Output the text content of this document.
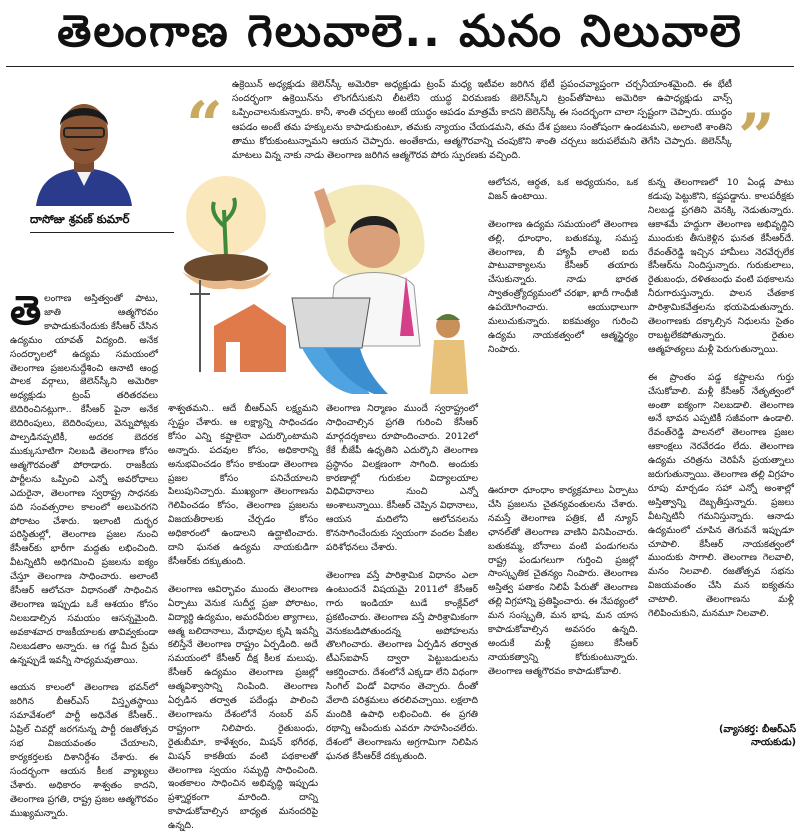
తెలంగాణ గెలువాలె.. మనం నిలువాలె
దాసోజు శ్రవణ్‌ కుమార్‌
“	”
ఉక్రెయిన్‌ అధ్యక్షుడు జెలెన్‌స్కీ అమెరికా అధ్యక్షుడు ట్రంప్‌ మధ్య ఇటీవల జరిగిన భేటీ ప్రపంచవ్యాప్తంగా చర్చనీయాంశమైంది. ఈ భేటీ సందర్భంగా ఉక్రెయిన్‌ను లొంగదీసుకుని లీటలేని యుద్ధ విరమణకు జెలెన్‌స్కీని ట్రంప్‌తోపాటు అమెరికా ఉపాధ్యక్షుడు వాన్స్‌ ఒప్పించాలనుకున్నారు. కానీ, శాంతి చర్చలు అంటే యుద్ధం ఆపడం మాత్రమే కాదని జెలెన్‌స్కీ ఈ సందర్భంగా చాలా స్పష్టంగా చెప్పారు. యుద్ధం ఆపడం అంటే తమ హక్కులను కాపాడుకుంటూ, తమకు న్యాయం చేయడమని, తమ దేశ ప్రజలు సంతోషంగా ఉండటమని, అలాంటి శాంతిని తాము కోరుకుంటున్నామని ఆయన చెప్పారు. అంతేకాదు, ఆత్మగౌరవాన్ని చంపుకొని శాంతి చర్చలు జరుపలేమని తెగేసి చెప్పారు. జెలెన్‌స్కీ మాటలు విన్న నాకు నాడు తెలంగాణ జరిగిన ఆత్మగౌరవ పోరు స్ఫురణకు వచ్చింది.
తెలంగాణ అస్తిత్వంతో పాటు, జాతి ఆత్మగౌరవం కాపాడుకునేందుకు కేసీఆర్‌ చేసిన ఉద్యమం యావత్‌ విద్యంది. అనేక సందర్భాలలో ఉద్యమ సమయంలో తెలంగాణ ప్రజలనుద్దేశించి ఆనాటి ఆంధ్ర పాలక వర్గాలు, జెలెన్‌స్కీని అమెరికా అధ్యక్షుడు ట్రంప్‌ తరితరవలు బెదిరించినట్లుగా.. కేసీఆర్‌ పైనా అనేక బెదిరింపులు, బెదిరింపులు, వెన్నుపోట్లకు పాల్పడినప్పటికీ, అదరక బెదరక ముక్కుసూటిగా నిలబడి తెలంగాణ కోసం ఆత్మగౌరవంతో పోరాడారు. రాజకీయ పార్టీలను ఒప్పించి ఎన్నో అవరోధాలు ఎదురైనా, తెలంగాణ స్వరాష్ట్ర సాధనకు పది సంవత్సరాల కాలంలో అలుపెరగని పోరాటం చేశారు. ఇలాంటి దుర్భర పరిస్థితుల్లో, తెలంగాణ ప్రజల నుంచి కేసీఆర్‌కు భారీగా మద్దతు లభించింది. వీటన్నిటినీ అధిగమించి ప్రజలను ఐక్యం చేస్తూ తెలంగాణ సాధించారు. అలాంటి కేసీఆర్‌ ఆలోచనా విధానంతో సాధించిన తెలంగాణ ఇప్పుడు ఒకే ఆశయం కోసం నిలబడాల్సిన సమయం ఆసన్నమైంది. అవకాశవాద రాజకీయాలకు తావివ్వకుండా నిలబడతాం అన్నారు. ఆ గడ్డ మీద ప్రేమ ఉన్నప్పుడే ఇవన్నీ సాధ్యమవుతాయి.

ఆయన కాలంలో తెలంగాణ భవన్‌లో జరిగిన బీఆర్‌ఎస్‌ విస్తృతస్థాయి సమావేశంలో పార్టీ అధినేత కేసీఆర్‌.. ఏప్రిల్‌ చివర్లో జరగనున్న పార్టీ రజతోత్సవ సభ విజయవంతం చేయాలని, కార్యకర్తలకు దిశానిర్దేశం చేశారు. ఈ సందర్భంగా ఆయన కీలక వ్యాఖ్యలు చేశారు. అధికారం శాశ్వతం కాదని, తెలంగాణ ప్రగతి, రాష్ట్ర ప్రజల ఆత్మగౌరవం ముఖ్యమన్నారు.
శాశ్వతమని.. ఆదే బీఆర్‌ఎస్‌ లక్ష్యమని స్పష్టం చేశారు. ఆ లక్ష్యాన్ని సాధించడం కోసం ఎన్ని కష్టాలైనా ఎదుర్కొంటామని అన్నారు. పదవుల కోసం, అధికారాన్ని అనుభవించడం కోసం కాకుండా తెలంగాణ ప్రజల కోసం పనిచేయాలని పిలుపునిచ్చారు. ముఖ్యంగా తెలంగాణను గెలిపించడం కోసం, తెలంగాణ ప్రజలను విజయతీరాలకు చేర్చడం కోసం అధికారంలో ఉండాలని ఉద్ఘాటించారు. దాని ఘనత ఉద్యమ నాయకుడిగా కేసీఆర్‌కు దక్కుతుంది.

తెలంగాణ ఆవిర్భావం ముందు తెలంగాణ ఏర్పాటు వెనుక సుదీర్ఘ ప్రజా పోరాటం, విద్యార్థి ఉద్యమం, అమరవీరుల త్యాగాలు, ఆత్మ బలిదానాలు, మేధావుల కృషి ఇవన్నీ కలిస్తేనే తెలంగాణ రాష్ట్రం ఏర్పడింది. అదే సమయంలో కేసీఆర్‌ దీక్ష కీలక మలుపు. కేసీఆర్‌ ఉద్యమం తెలంగాణ ప్రజల్లో ఆత్మవిశ్వాసాన్ని నింపింది. తెలంగాణ ఏర్పడిన తర్వాత పదేండ్లు పాలించి తెలంగాణను దేశంలోనే నంబర్‌ వన్‌ రాష్ట్రంగా నిలిపారు. రైతుబంధు, రైతుబీమా, కాళేశ్వరం, మిషన్‌ భగీరథ, మిషన్‌ కాకతీయ వంటి పథకాలతో తెలంగాణ స్వయం సమృద్ధి సాధించింది. ఇంతకాలం సాధించిన అభివృద్ధి ఇప్పుడు ప్రశ్నార్థకంగా మారింది. దాన్ని కాపాడుకోవాల్సిన బాధ్యత మనందరిపై ఉన్నది.
తెలంగాణ నిర్మాణం ముందే స్వరాష్ట్రంలో సాధించాల్సిన ప్రగతి గురించి కేసీఆర్‌ మార్గదర్శకాలు రూపొందించారు. 2012లో కేకే బీజేపీ ఉధృతిని ఎదుర్కొని తెలంగాణ ప్రస్థానం విలక్షణంగా సాగింది. అందుకు కారణాల్లో గురుకుల విద్యాలయాల విధివిధానాలు నుంచి ఎన్నో అంశాలున్నాయి. కేసీఆర్‌ చెప్పిన విధానాలు, ఆయన మదిలోని ఆలోచనలను కొనసాగించేందుకు స్వయంగా వందల పేజీల పరిశోధనలు చేశారు.

తెలంగాణ వస్తే పారిశ్రామిక విధానం ఎలా ఉంటుందనే విషయమై 2011లో కేసీఆర్‌ గారు ఇండియా టుడే కాంక్లేవ్‌లో ప్రకటించారు. తెలంగాణ వస్తే పారిశ్రామికంగా వెనుకబడిపోతుందన్న అపోహలను తొలగించారు. తెలంగాణ ఏర్పడిన తర్వాత టీఎస్‌ఐపాస్‌ ద్వారా పెట్టుబడులను ఆకర్షించారు. దేశంలోనే ఎక్కడా లేని విధంగా సింగిల్‌ విండో విధానం తెచ్చారు. దీంతో వేలాది పరిశ్రమలు తరలివచ్చాయి. లక్షలాది మందికి ఉపాధి లభించింది. ఈ ప్రగతి రథాన్ని ఆపేందుకు ఎవరూ సాహసించలేరు. దేశంలో తెలంగాణను అగ్రగామిగా నిలిపిన ఘనత కేసీఆర్‌కే దక్కుతుంది.
ఆలోచన, ఆర్ధత, ఒక అధ్యయనం, ఒక విజన్‌ ఉంటాయి.

తెలంగాణ ఉద్యమ సమయంలో తెలంగాణ తల్లి, ధూంధాం, బతుకమ్మ, సమస్త తెలంగాణ, బీ హ్యాపీ లాంటి ఐదు పాటువాక్యాలను కేసీఆర్‌ తయారు చేసుకున్నారు. నాడు భారత స్వాతంత్ర్యోద్యమంలో చరఖా, ఖాదీ గాంధీజీ ఉపయోగించారు. ఆయుధాలుగా మలుచుకున్నారు. ఐకమత్యం గురించి ఉద్యమ నాయకత్వంలో ఆత్మస్థైర్యం నింపారు.
ఊరూరా ధూంధాం కార్యక్రమాలు ఏర్పాటు చేసి ప్రజలను చైతన్యవంతులను చేశారు. నమస్తే తెలంగాణ పత్రిక, టీ న్యూస్‌ ఛానల్‌తో తెలంగాణ వాణిని వినిపించారు. బతుకమ్మ, బోనాలు వంటి పండుగలను రాష్ట్ర పండుగలుగా గుర్తించి ప్రజల్లో సాంస్కృతిక చైతన్యం నింపారు. తెలంగాణ అస్తిత్వ పతాకం నిలిపే పేరుతో తెలంగాణ తల్లి విగ్రహాన్ని ప్రతిష్ఠించారు. ఈ నేపథ్యంలో మన సంస్కృతి, మన భాష, మన యాస కాపాడుకోవాల్సిన అవసరం ఉన్నది. అందుకే మళ్లీ ప్రజలు కేసీఆర్‌ నాయకత్వాన్ని కోరుకుంటున్నారు. తెలంగాణ ఆత్మగౌరవం కాపాడుకోవాలి.
కున్న తెలంగాణలో 10 ఏండ్ల పాటు కడుపు పెట్టుకొని, కష్టపడ్డాను. కాలపరీక్షకు నిలబడ్డ ప్రగతిని వెనక్కి నెడుతున్నారు. ఆకాశమే హద్దుగా తెలంగాణ అభివృద్ధిని ముందుకు తీసుకెళ్లిన ఘనత కేసీఆర్‌దే. రేవంత్‌రెడ్డి ఇచ్చిన హామీలు నెరవేర్చలేక కేసీఆర్‌ను నిందిస్తున్నారు. గురుకులాలు, రైతుబంధు, దళితబంధు వంటి పథకాలను నీరుగారుస్తున్నారు. పాలన చేతకాక పారిశ్రామికవేత్తలను భయపెడుతున్నారు. తెలంగాణకు దక్కాల్సిన నిధులను సైతం రాబట్టలేకపోతున్నారు. రైతుల ఆత్మహత్యలు మళ్లీ పెరుగుతున్నాయి.

ఈ ప్రాంతం పడ్డ కష్టాలను గుర్తు చేసుకోవాలి. మళ్లీ కేసీఆర్‌ నేతృత్వంలో అంతా ఐక్యంగా నిలబడాలి. తెలంగాణ అనే భావన ఎప్పటికీ సజీవంగా ఉండాలి. రేవంత్‌రెడ్డి పాలనలో తెలంగాణ ప్రజల ఆకాంక్షలు నెరవేరడం లేదు. తెలంగాణ ఉద్యమ చరిత్రను చెరిపేసే ప్రయత్నాలు జరుగుతున్నాయి. తెలంగాణ తల్లి విగ్రహం రూపు మార్చడం సహా ఎన్నో అంశాల్లో అస్తిత్వాన్ని దెబ్బతీస్తున్నారు. ప్రజలు వీటన్నిటినీ గమనిస్తున్నారు. ఆనాడు ఉద్యమంలో చూపిన తెగువనే ఇప్పుడూ చూపాలి. కేసీఆర్‌ నాయకత్వంలో ముందుకు సాగాలి. తెలంగాణ గెలవాలి, మనం నిలవాలి. రజతోత్సవ సభను విజయవంతం చేసి మన ఐక్యతను చాటాలి. తెలంగాణను మళ్లీ గెలిపించుకుని, మనమూ నిలవాలి.
(వ్యాసకర్త: బీఆర్‌ఎస్‌ నాయకుడు)
